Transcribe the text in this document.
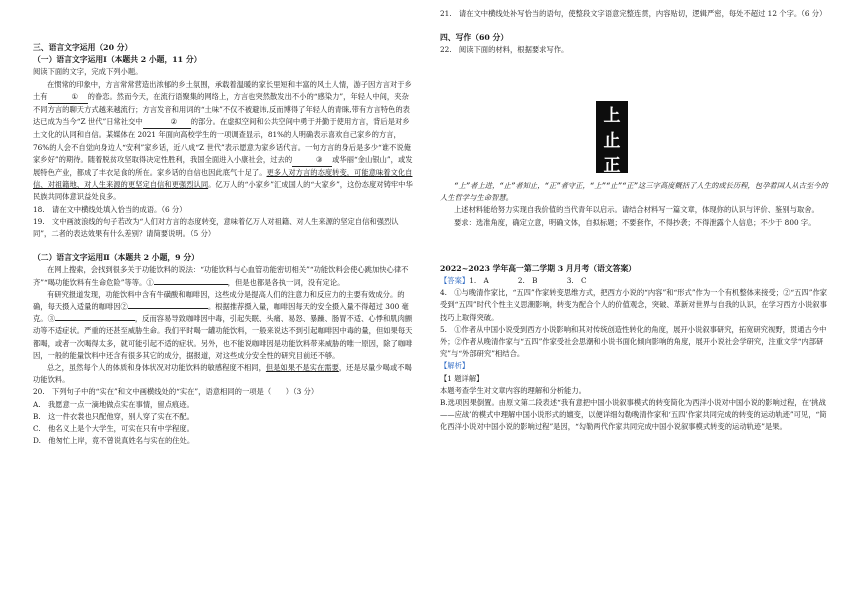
三、语言文字运用（20 分）

（一）语言文字运用Ⅰ（本题共 2 小题，11 分）

阅读下面的文字，完成下列小题。

在惯常的印象中，方言常常营造出浓郁的乡土氛围，承载着温暖的家长里短和丰富的风土人情，游子因方言对于乡土有	① 的眷恋。然而今天，在流行语聚集的网络上，方言也突然散发出不小的“感染力”，年轻人中间，夹杂不同方言的聊天方式越来越流行；方言发音和用词的“土味”不仅不被避讳,反而博得了年轻人的青睐,带有方言特色的表达已成为当今“Z 世代”日常社交中	② 的部分。在虚拟空间和公共空间中勇于并勤于使用方言，背后是对乡土文化的认同和自信。某媒体在 2021 年面向高校学生的一项调查显示，81%的人明确表示喜欢自己家乡的方言，76%的人会不自觉向身边人“安利”家乡话，近八成“Z 世代”表示愿意为家乡话代言。一句方言的身后是多少“谁不说俺家乡好”的期待。随着脱贫攻坚取得决定性胜利，我国全面进入小康社会，过去的	③ 或华丽“金山银山”，或发展特色产业，都成了丰衣足食的所在。家乡话的自信也因此底气十足了。更多人对方言的态度转变，可能意味着文化自信、对祖籍地、对人生来源的更坚定自信和更强烈认同。亿万人的“小家乡”汇成国人的“大家乡”，这份态度对铸牢中华民族共同体意识益处良多。

18.　请在文中横线处填入恰当的成语。（6 分）

19.　文中画波浪线的句子若改为“人们对方言的态度转变，意味着亿万人对祖籍、对人生来源的坚定自信和强烈认同”，二者的表达效果有什么差别？请简要说明。（5 分）

（二）语言文字运用Ⅱ（本题共 2 小题，9 分）

在网上搜索，会找到很多关于功能饮料的说法：“功能饮料与心血管功能密切相关”“功能饮料会使心跳加快心律不齐”“喝功能饮料有生命危险”等等。①	，但是也都是各执一词，没有定论。

有研究报道发现，功能饮料中含有牛磺酸和咖啡因，这些成分是提高人们的注意力和反应力的主要有效成分。的确，每天摄入适量的咖啡因②	。根据推荐摄入量，咖啡因每天的安全摄入量不得超过 300 毫克。③	，反而容易导致咖啡因中毒，引起失眠、头痛、易怒、暴躁、肠胃不适、心悸和肌肉颤动等不适症状。严重的还甚至威胁生命。我们平时喝一罐功能饮料，一般来说达不到引起咖啡因中毒的量，但如果每天都喝，或者一次喝得太多，就可能引起不适的症状。另外，也不能说咖啡因是功能饮料带来威胁的唯一原因，除了咖啡因，一般的能量饮料中还含有很多其它的成分，据报道，对这些成分安全性的研究目前还不够。

总之，虽然每个人的体质和身体状况对功能饮料的敏感程度不相同，但是如果不是实在需要，还是尽量少喝或不喝功能饮料。

20.　下列句子中的“实在”和文中画横线处的“实在”，语意相同的一项是（　　）（3 分）

A.　我愿意一点一滴地做点实在事情，留点痕迹。

B.　这一件衣裳也只配他穿，别人穿了实在不配。

C.　他名义上是个大学生，可实在只有中学程度。

D.　他匆忙上岸，竟不曾说真姓名与实在的住处。

21.　请在文中横线处补写恰当的语句，使整段文字语意完整连贯，内容贴切，逻辑严密，每处不超过 12 个字。（6 分）

四、写作（60 分）

22.　阅读下面的材料，根据要求写作。

上
止
正

“上”者上进，“止”者知止，“正”者守正，“上”“止”“正”这三字高度概括了人生的成长历程，包孕着国人从古至今的人生哲学与生命智慧。

上述材料能给努力实现自我价值的当代青年以启示。请结合材料写一篇文章，体现你的认识与评价、鉴别与取舍。

要求：选准角度，确定立意，明确文体，自拟标题；不要套作，不得抄袭；不得泄露个人信息；不少于 800 字。

2022~2023 学年高一第二学期 3 月月考（语文答案）

【答案】1.　A　　　　2.　B　　　　3.　C

4.　①与晚清作家比，“五四”作家转变思维方式，把西方小说的“内容”和“形式”作为一个有机整体来接受；②“五四”作家受到“五四”时代个性主义思潮影响，转变为配合个人的价值观念，突破、革新对世界与自我的认识，在学习西方小说叙事技巧上取得突破。

5.　①作者从中国小说受到西方小说影响和其对传统创造性转化的角度，展开小说叙事研究，拓宽研究视野，贯通古今中外；②作者从晚清作家与“五四”作家受社会思潮和小说书面化倾向影响的角度，展开小说社会学研究，注重文学“内部研究”与“外部研究”相结合。

【解析】

【1 题详解】

本题考查学生对文章内容的理解和分析能力。

B.选项因果倒置。由原文第二段表述“我有意把中国小说叙事模式的转变简化为西洋小说对中国小说的影响过程，在‘挑战——应战’的模式中理解中国小说形式的嬗变，以便详细勾勒晚清作家和‘五四’作家共同完成的转变的运动轨迹”可见，“简化西洋小说对中国小说的影响过程”是因，“勾勒两代作家共同完成中国小说叙事模式转变的运动轨迹”是果。
